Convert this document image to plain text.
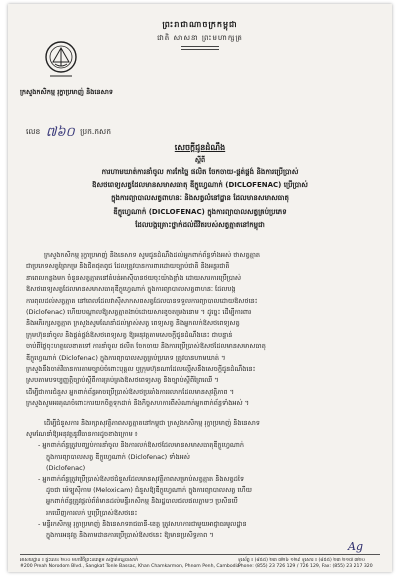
ព្រះរាជាណាចក្រកម្ពុជា
ជាតិ សាសនា ព្រះមហាក្សត្រ
ក្រសួងកសិកម្ម រុក្ខាប្រមាញ់ និងនេសាទ
លេខ ៧៦០ ប្រក.កសក
សេចក្ដីជូនដំណឹង
ស្ដីពី
ការហាមឃាត់ការនាំចូល ការកែច្នៃ ផលិត ចែកចាយ-ផ្គត់ផ្គង់ និងការប្រើប្រាស់
ឱសថពេទ្យសត្វដែលមានសមាសធាតុ ឌីក្លូហ្វេណាក់ (DICLOFENAC) ប្រើប្រាស់
ក្នុងការព្យាបាលសត្វពាហនៈ និងសត្វលំនៅដ្ឋាន ដែលមានសមាសធាតុ
ឌីក្លូហ្វេណាក់ (DICLOFENAC) ក្នុងការព្យាបាលសត្វគ្រប់ប្រភេទ
ដែលបង្កគ្រោះថ្នាក់ដល់ជីវិតរបស់សត្វត្មាតនៅកម្ពុជា
ក្រសួងកសិកម្ម រុក្ខាប្រមាញ់ និងនេសាទ សូមជូនដំណឹងដល់អ្នកពាក់ព័ន្ធទាំងអស់ ថាសត្វត្មាត
ជាប្រភេទសត្វព្រៃកម្រ និងជិតផុតពូជ ដែលត្រូវបានការពារដោយច្បាប់ជាតិ និងអន្តរជាតិ
នាពេលកន្លងមក ចំនួនសត្វត្មាតនៅតំបន់អាស៊ីបានថយចុះយ៉ាងខ្លាំង ដោយសារការប្រើប្រាស់
ឱសថពេទ្យសត្វដែលមានសមាសធាតុឌីក្លូហ្វេណាក់ ក្នុងការព្យាបាលសត្វពាហនៈ ដែលបង្ក
ការពុលដល់សត្វត្មាត នៅពេលដែលវាស៊ីសាកសពសត្វដែលបានទទួលការព្យាបាលដោយឱសថនេះ
(Diclofenac) ហើយបណ្ដាលឱ្យសត្វត្មាតងាប់ដោយសារខូចតម្រងនោម ។ ដូច្នេះ ដើម្បីការពារ
និងអភិរក្សសត្វត្មាត ក្រសួងសូមណែនាំដល់ម្ចាស់សត្វ ពេទ្យសត្វ និងអ្នកលក់ឱសថពេទ្យសត្វ
ក្រុមហ៊ុននាំចូល និងផ្គត់ផ្គង់ឱសថពេទ្យសត្វ ឱ្យអនុវត្តតាមសេចក្ដីជូនដំណឹងនេះ ជាបន្ទាន់
ចាប់ពីថ្ងៃចុះហត្ថលេខាតទៅ ការនាំចូល ផលិត ចែកចាយ និងការប្រើប្រាស់ឱសថដែលមានសមាសធាតុ
ឌីក្លូហ្វេណាក់ (Diclofenac) ក្នុងការព្យាបាលសត្វគ្រប់ប្រភេទ ត្រូវបានហាមឃាត់ ។
ក្រសួងនឹងចាត់វិធានការតាមច្បាប់ចំពោះបុគ្គល ឬក្រុមហ៊ុនណាដែលល្មើសនឹងសេចក្ដីជូនដំណឹងនេះ
ស្របតាមបទប្បញ្ញត្តិច្បាប់ស្ដីពីការគ្រប់គ្រងឱសថពេទ្យសត្វ និងច្បាប់ស្ដីពីព្រៃឈើ ។
ដើម្បីជាការជំនួស អ្នកពាក់ព័ន្ធអាចប្រើប្រាស់ឱសថប្រឆាំងការរលាកដែលមានសុវត្ថិភាព ។
ក្រសួងសូមអរគុណចំពោះការយកចិត្តទុកដាក់ និងកិច្ចសហការពីសំណាក់អ្នកពាក់ព័ន្ធទាំងអស់ ។
ដើម្បីជំនួសការ និងរក្សាសុវត្ថិភាពសត្វត្មាតនៅកម្ពុជា ក្រសួងកសិកម្ម រុក្ខាប្រមាញ់ និងនេសាទ
សូមណែនាំឱ្យអនុវត្តនូវវិធានការដូចខាងក្រោម ៖
- អ្នកពាក់ព័ន្ធត្រូវបញ្ឈប់ការនាំចូល និងការលក់ឱសថដែលមានសមាសធាតុឌីក្លូហ្វេណាក់
ក្នុងការព្យាបាលសត្វ ឌីក្លូហ្វេណាក់ (Diclofenac) ទាំងអស់
(Diclofenac)
- អ្នកពាក់ព័ន្ធត្រូវប្រើប្រាស់ឱសថជំនួសដែលមានសុវត្ថិភាពសម្រាប់សត្វត្មាត និងសត្វដទៃ
ដូចជា ម៉េឡូស៊ីកាម (Meloxicam) ជំនួសឱ្យឌីក្លូហ្វេណាក់ ក្នុងការព្យាបាលសត្វ ហើយ
អ្នកពាក់ព័ន្ធត្រូវផ្ដល់ព័ត៌មានដល់មន្ទីរកសិកម្ម និងរដ្ឋបាលជលផលភ្លាមៗ ប្រសិនបើ
រកឃើញការលក់ ឬប្រើប្រាស់ឱសថនេះ
- មន្ទីរកសិកម្ម រុក្ខាប្រមាញ់ និងនេសាទរាជធានី-ខេត្ត ត្រូវសហការជាមួយអាជ្ញាធរមូលដ្ឋាន
ក្នុងការអនុវត្ត និងតាមដានការប្រើប្រាស់ឱសថនេះ ឱ្យមានប្រសិទ្ធភាព ។
Ag
អាសយដ្ឋាន ៖ ផ្ទះលេខ ២០០ មហាវិថីព្រះនរោត្ដម សង្កាត់ទន្លេបាសាក់
#200 Preah Norodom Blvd., Sangkat Tonle Bassac, Khan Chamkarmon, Phnom Penh, Cambodia
ទូរស័ព្ទ ៖ (៨៥៥) ២៣ ៧២៦ ១២៩ ទូរសារ ៖ (៨៥៥) ២៣ ២១៧ ៣២០
Phone: (855) 23 726 129 / 726 129, Fax: (855) 23 217 320
